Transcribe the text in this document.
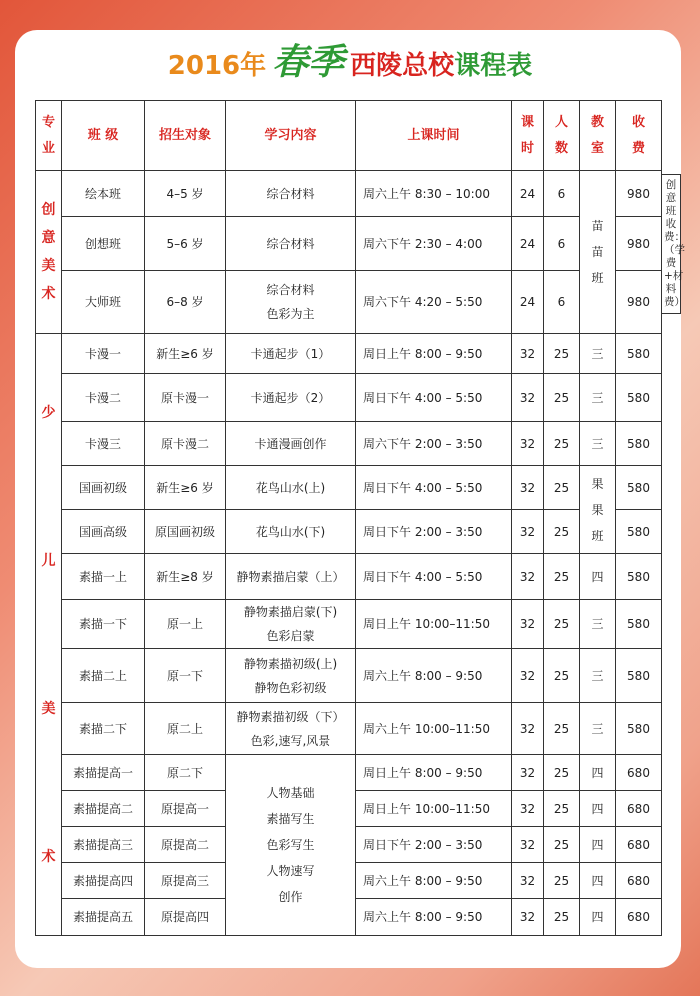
2016年 春季 西陵总校课程表
专业	班 级	招生对象	学习内容	上课时间	课时	人数	教室	收费
创意美术	绘本班	4–5 岁	综合材料	周六上午 8:30 – 10:00	24	6	苗苗班	980
	创想班	5–6 岁	综合材料	周六下午 2:30 – 4:00	24	6		980
	大师班	6–8 岁	综合材料
色彩为主	周六下午 4:20 – 5:50	24	6		980
少儿美术	卡漫一	新生≥6 岁	卡通起步（1）	周日上午 8:00 – 9:50	32	25	三	580
	卡漫二	原卡漫一	卡通起步（2）	周日下午 4:00 – 5:50	32	25	三	580
	卡漫三	原卡漫二	卡通漫画创作	周六下午 2:00 – 3:50	32	25	三	580
	国画初级	新生≥6 岁	花鸟山水(上)	周日下午 4:00 – 5:50	32	25	果果班	580
	国画高级	原国画初级	花鸟山水(下)	周日下午 2:00 – 3:50	32	25		580
	素描一上	新生≥8 岁	静物素描启蒙（上）	周日下午 4:00 – 5:50	32	25	四	580
	素描一下	原一上	静物素描启蒙(下)
色彩启蒙	周日上午 10:00–11:50	32	25	三	580
	素描二上	原一下	静物素描初级(上)
静物色彩初级	周六上午 8:00 – 9:50	32	25	三	580
	素描二下	原二上	静物素描初级（下）
色彩,速写,风景	周六上午 10:00–11:50	32	25	三	580
	素描提高一	原二下	人物基础
素描写生
色彩写生
人物速写
创作	周日上午 8:00 – 9:50	32	25	四	680
	素描提高二	原提高一		周日上午 10:00–11:50	32	25	四	680
	素描提高三	原提高二		周日下午 2:00 – 3:50	32	25	四	680
	素描提高四	原提高三		周六上午 8:00 – 9:50	32	25	四	680
	素描提高五	原提高四		周六上午 8:00 – 9:50	32	25	四	680
创意班收费：（学费+材料费）
